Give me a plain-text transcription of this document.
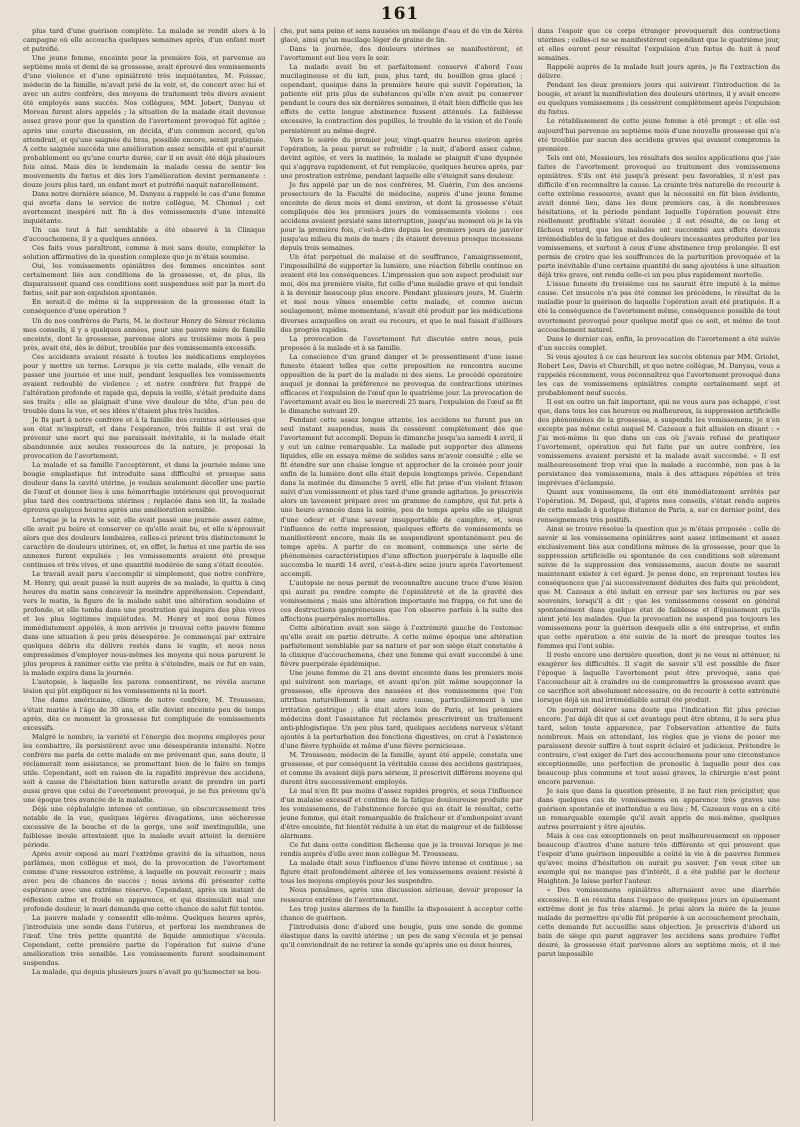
161

plus tard d'une guérison complète. La malade se rendit alors à la campagne où elle accoucha quelques semaines après, d'un enfant mort et putréfié.

Une jeune femme, enceinte pour la première fois, et parvenue au septième mois et demi de sa grossesse, avait éprouvé des vomissements d'une violence et d'une opiniâtreté très inquiétantes, M. Foissac, médecin de la famille, m'avait prié de la voir, et, de concert avec lui et avec un autre confrère, des moyens de traitement très divers avaient été employés sans succès. Nos collègues, MM. Jobert, Danyau et Moreau furent alors appelés ; la situation de la malade était devenue assez grave pour que la question de l'avortement provoqué fût agitée ; après une courte discussion, on décida, d'un commun accord, qu'on attendrait, et qu'une saignée du bras, possible encore, serait pratiquée. A cette saignée succéda une amélioration assez sensible et qui n'aurait probablement eu qu'une courte durée, car il en avait été déjà plusieurs fois ainsi. Mais dès le lendemain la malade cessa de sentir les mouvements du fœtus et dès lors l'amélioration devint permanente : douze jours plus tard, un enfant mort et putréfié naquit naturellement.

Dans notre dernière séance, M. Danyau a rappelé le cas d'une femme qui avorta dans le service de notre collègue, M. Chomel ; cet avortement inespéré mit fin à des vomissements d'une intensité inquiétante.

Un cas tout à fait semblable a été observé à la Clinique d'accouchemens, il y a quelques années.

Ces faits vous paraîtront, comme à moi sans doute, compléter la solution affirmative de la question complexe que je m'étais soumise.

Oui, les vomissements opiniâtres des femmes enceintes sont certainement liés aux conditions de la grossesse, et, de plus, ils disparaissent quand ces conditions sont suspendues soit par la mort du fœtus, soit par son expulsion spontanée.

En serait-il de même si la suppression de la grossesse était la conséquence d'une opération ?

Un de nos confrères de Paris, M. le docteur Henry de Sèmur réclama mes conseils, il y a quelques années, pour une pauvre mère de famille enceinte, dont la grossesse, parvenue alors au troisième mois à peu près, avait été, dès le début, troublée par des vomissements excessifs.

Ces accidents avaient résisté à toutes les médications employées pour y mettre un terme. Lorsque je vis cette malade, elle venait de passer une journée et une nuit, pendant lesquelles les vomissements avaient redoublé de violence ; et notre confrère fut frappé de l'altération profonde et rapide qui, depuis la veille, s'était produite dans ses traits ; elle se plaignait d'une vive douleur de tête, d'un peu de trouble dans la vue, et ses idées n'étaient plus très lucides.

Je fis part à notre confrère et à la famille des craintes sérieuses que son état m'inspirait, et dans l'espérance, très faible il est vrai de prévenir une mort qui me paraissait inévitable, si la malade était abandonnée aux seules ressources de la nature, je proposai la provocation de l'avortement.

La malade et sa famille l'acceptèrent, et dans la journée même une bougie emplastique fut introduite sans difficulté et presque sans douleur dans la cavité utérine, je voulais seulement décoller une partie de l'œuf et donner lieu à une hémorrhagie intérieure qui provoquerait plus tard des contractions utérines ; replacée dans son lit, la malade éprouva quelques heures après une amélioration sensible.

Lorsque je la revis le soir, elle avait passé une journée assez calme, elle avait pu boire et conserver ce qu'elle avait bu, et elle n'éprouvait alors que des douleurs lombaires, celles-ci prirent très distinctement le caractère de douleurs utérines, et, en effet, le fœtus et une partie de ses annexes furent expulsés ; les vomissements avaient été presque continues et très vives, et une quantité modérée de sang s'était écoulée.

Le travail avait paru s'accomplir si simplement, que notre confrère, M. Henry, qui avait passé la nuit auprès de sa malade, la quitta à cinq heures du matin sans concevoir la moindre appréhension. Cependant, vers le matin, la figure de la malade subit une altération soudaine et profonde, et elle tomba dans une prostration qui inspira des plus vives et les plus légitimes inquiétudes. M. Henry et moi nous fûmes immédiatement appelés, à mon arrivée je trouvai cette pauvre femme dans une situation à peu près désespérée. Je commençai par extraire quelques débris du délivre restés dans le vagin, et nous nous empressâmes d'employer nous-mêmes les moyens qui nous parurent le plus propres à ranimer cette vie prête à s'éteindre, mais ce fut en vain, la malade expira dans la journée.

L'autopsie, à laquelle les parens consentirent, ne révéla aucune lésion qui pût expliquer ni les vomissements ni la mort.

Une dame américaine, cliente de notre confrère, M. Trousseau, s'était mariée à l'âge de 30 ans, et elle devint enceinte peu de temps après, dès ce moment la grossesse fut compliquée de vomissements excessifs.

Malgré le nombre, la variété et l'énergie des moyens employés pour les combattre, ils persistèrent avec une désespérante intensité. Notre confrère me parla de cette malade en me prévenant que, sans doute, il réclamerait mon assistance, se promettant bien de le faire en temps utile. Cependant, soit en raison de la rapidité imprévue des accidens, soit à cause de l'hésitation bien naturelle avant de prendre un parti aussi grave que celui de l'avortement provoqué, je ne fus prévenu qu'à une époque très avancée de la maladie.

Déjà une céphalalgie intense et continue, un obscurcissement très notable de la vue, quelques légères divagations, une sécheresse excessive de la bouche et de la gorge, une soif inextinguible, une faiblesse inouïe attestaient que la malade avait atteint la dernière période.

Après avoir exposé au mari l'extrême gravité de la situation, nous parlâmes, mon collègue et moi, de la provocation de l'avortement comme d'une ressource extrême, à laquelle on pouvait recourir ; mais avec peu de chances de succès ; nous avions dû présenter cette espérance avec une extrême réserve. Cependant, après un instant de réflexion calme et froide en apparence, et qui dissimulait mal une profonde douleur, le mari demanda que cette chance de salut fût tentée.

La pauvre malade y consentit elle-même. Quelques heures après, j'introduisis une sonde dans l'utérus, et perforai les membranes de l'œuf. Une très petite quantité de liquide amniotique s'écoula. Cependant, cette première partie de l'opération fut suivie d'une amélioration très sensible. Les vomissements furent soudainement suspendus.

La malade, qui depuis plusieurs jours n'avait pu qu'humecter sa bou-

che, put sans peine et sans nausées un mélange d'eau et de vin de Xérès glacé, ainsi qu'un mucilage léger de graine de lin.

Dans la journée, des douleurs utérines se manifestèrent, et l'avortement eut lieu vers le soir.

La malade avait bu et parfaitement conservé d'abord l'eau mucilagineuse et du lait, puis, plus tard, du bouillon gras glacé ; cependant, quoique dans la première heure qui suivit l'opération, la patiente eût pris plus de substances qu'elle n'en avait pu conserver pendant le cours des six dernières semaines, il était bien difficile que les effets de cette longue abstinence fussent atténués. La faiblesse excessive, la contraction des pupilles, le trouble de la vision et de l'ouïe persistèrent au même degré.

Vers le soirée du premier jour, vingt-quatre heures environ après l'opération, la peau parut se refroidir ; la nuit, d'abord assez calme, devint agitée, et vers la matinée, la malade se plaignit d'une dyspnée qui s'aggrava rapidement, et fut remplacée, quelques heures après, par une prostration extrême, pendant laquelle elle s'éteignit sans douleur.

Je fus appelé par un de nos confrères, M. Guérin, l'un des anciens prosecteurs de la Faculté de médecine, auprès d'une jeune femme enceinte de deux mois et demi environ, et dont la grossesse s'était compliquée dès les premiers jours de vomissements violens : ces accidens avaient persisté sans interruption, jusqu'au moment où je la vis pour la première fois, c'est-à-dire depuis les premiers jours de janvier jusqu'au milieu du mois de mars ; ils étaient devenus presque incessans depuis trois semaines.

Un état perpétuel de malaise et de souffrance, l'amaigrissement, l'impossibilité de supporter la lumière, une réaction fébrile continue en avaient été les conséquences. L'impression que son aspect produisit sur moi, dès ma première visite, fut celle d'une maladie grave et qui tendait à la devenir beaucoup plus encore. Pendant plusieurs jours, M. Guérin et moi nous vîmes ensemble cette malade, et comme aucun soulagement, même momentané, n'avait été produit par les médications diverses auxquelles on avait eu recours, et que le mal faisait d'ailleurs des progrès rapides.

La provocation de l'avortement fut discutée entre nous, puis proposée à la malade et à sa famille.

La conscience d'un grand danger et le pressentiment d'une issue funeste étaient telles que cette proposition ne rencontra aucune opposition de la part de la malade ni des siens. Le procédé opératoire auquel je donnai la préférence ne provoqua de contractions utérines efficaces et l'expulsion de l'œuf que le quatrième jour. La provocation de l'avortement avait eu lieu le mercredi 25 mars, l'expulsion de l'œuf se fit le dimanche suivant 29.

Pendant cette assez longue attente, les accidens ne furent pas un seul instant suspendus, mais ils cessèrent complètement dès que l'avortement fut accompli. Depuis le dimanche jusqu'au samedi 4 avril, il y eut un calme remarquable. La malade put supporter des alimens liquides, elle en essaya même de solides sans m'avoir consulté ; elle se fit étendre sur une chaise longue et approcher de la croisée pour jouir enfin de la lumière dont elle était depuis longtemps privée. Cependant dans la matinée du dimanche 5 avril, elle fut prise d'un violent frisson suivi d'un vomissement et plus tard d'une grande agitation. Je prescrivis alors un lavement préparé avec un gramme de camphre, qui fut pris à une heure avancée dans la soirée, peu de temps après elle se plaignit d'une odeur et d'une saveur insupportable de camphre, et, sous l'influence de cette impression, quelques efforts de vomissements se manifestèrent encore, mais ils se suspendirent spontanément peu de temps après. A partir de ce moment, commença une série de phénomènes caractéristiques d'une affection puerpérale à laquelle elle succomba le mardi 14 avril, c'est-à-dire seize jours après l'avortement accompli.

L'autopsie ne nous permit de reconnaître aucune trace d'une lésion qui aurait pu rendre compte de l'opiniâtreté et de la gravité des vomissemens ; mais une altération importante me frappa, ce fut une de ces destructions gangréneuses que l'on observe parfois à la suite des affections puerpérales mortelles.

Cette altération avait son siège à l'extrémité gauche de l'estomac qu'elle avait en partie détruite. A cette même époque une altération parfaitement semblable par sa nature et par son siège était constatée à la clinique d'accouchemens, chez une femme qui avait succombé à une fièvre puerpérale épidémique.

Une jeune femme de 21 ans devint enceinte dans les premiers mois qui suivirent son mariage, et avant qu'on pût même soupçonner la grossesse, elle éprouva des nausées et des vomissemens que l'on attribua naturellement à une autre cause, particulièrement à une irritation gastrique ; elle était alors loin de Paris, et les premiers médecins dont l'assistance fut réclamée prescrivirent un traitement anti-phlogistique. Un peu plus tard, quelques accidens nerveux s'étant ajoutés à la perturbation des fonctions digestives, on crut à l'existence d'une fièvre typhoïde et même d'une fièvre pernicieuse.

M. Trousseau, médecin de la famille, ayant été appelé, constata une grossesse, et par conséquent la véritable cause des accidens gastriques, et comme ils avaient déjà paru sérieux, il prescrivit différens moyens qui durent être successivement employés.

Le mal n'en fit pas moins d'assez rapides progrès, et sous l'influence d'un malaise excessif et continu de la fatigue douloureuse produite par les vomissemens, de l'abstinence forcée qui en était le résultat, cette jeune femme, qui était remarquable de fraîcheur et d'embonpoint avant d'être enceinte, fut bientôt réduite à un état de maigreur et de faiblesse alarmans.

Ce fut dans cette condition fâcheuse que je la trouvai lorsque je me rendis auprès d'elle avec mon collègue M. Trousseau.

La malade était sous l'influence d'une fièvre intense et continue ; sa figure était profondément altérée et les vomissemens avaient résisté à tous les moyens employés pour les suspendre.

Nous pensâmes, après une discussion sérieuse, devoir proposer la ressource extrême de l'avortement.

Les trop justes alarmes de la famille la disposaient à accepter cette chance de guérison.

J'introduisis donc d'abord une bougie, puis une sonde de gomme élastique dans la cavité utérine ; un peu de sang s'écoula et je pensai qu'il conviendrait de ne retirer la sonde qu'après une ou deux heures,

dans l'espoir que ce corps étranger provoquerait des contractions utérines ; celles-ci ne se manifestèrent cependant que le quatrième jour, et elles eurent pour résultat l'expulsion d'un fœtus de huit à neuf semaines.

Rappelé auprès de la malade huit jours après, je fis l'extraction du délivre.

Pendant les deux premiers jours qui suivirent l'introduction de la bougie, et avant la manifestation des douleurs utérines, il y avait encore eu quelques vomissemens ; ils cessèrent complètement après l'expulsion du fœtus.

Le rétablissement de cette jeune femme a été prompt ; et elle est aujourd'hui parvenue au septième mois d'une nouvelle grossesse qui n'a été troublée par aucun des accidens graves qui avaient compromis la première.

Tels ont été, Messieurs, les résultats des seules applications que j'aie faites de l'avortement provoqué au traitement des vomissemens opiniâtres. S'ils ont été jusqu'à présent peu favorables, il n'est pas difficile d'en reconnaître la cause. La crainte très naturelle de recourir à cette extrême ressource, avant que la nécessité en fût bien évidente, avait donné lieu, dans les deux premiers cas, à de nombreuses hésitations, et la période pendant laquelle l'opération pouvait être réellement profitable s'était écoulée ; il est résulté, de ce long et fâcheux retard, que les malades ont succombé aux effets devenus irrémédiables de la fatigue et des douleurs incessantes produites par les vomissemens, et surtout à ceux d'une abstinence trop prolongée. Il est permis de croire que les souffrances de la parturition provoquée et la perte inévitable d'une certaine quantité de sang ajoutées à une situation déjà très grave, ont rendu celle-ci un peu plus rapidement mortelle.

L'issue funeste du troisième cas ne saurait être imputé à la même cause. Cet insuccès n'a pas été comme les précédens, le résultat de la maladie pour la guérison de laquelle l'opération avait été pratiquée. Il a été la conséquence de l'avortement même, conséquence possible de tout avortement provoqué pour quelque motif que ce soit, et même de tout accouchement naturel.

Dans le dernier cas, enfin, la provocation de l'avortement a été suivie d'un succès complet.

Si vous ajoutez à ce cas heureux les succès obtenus par MM. Griolet, Robert Lee, Davis et Churchill, et que notre collègue, M. Danyau, vous a rappelés récemment, vous reconnaîtrez que l'avortement provoqué dans les cas de vomissemens opiniâtres compte certainement sept et probablement neuf succès.

Il est en outre un fait important, qui ne vous aura pas échappé, c'est que, dans tous les cas heureux ou malheureux, la suppression artificielle des phénomènes de la grossesse, a suspendu les vomissemens, je n'en excepte pas même celui auquel M. Cazeaux a fait allusion en disant : « J'ai moi-même lu que dans un cas où j'avais refusé de pratiquer l'avortement, opération qui fut faite par un autre confrère, les vomissemens avaient persisté et la malade avait succombé. » Il est malheureusement trop vrai que la malade a succombé, non pas à la persistance des vomissemens, mais à des attaques répétées et très imprévues d'éclampsie.

Quant aux vomissemens, ils ont été immédiatement arrêtés par l'opération. M. Depaul, qui, d'après mes conseils, s'était rendu auprès de cette malade à quelque distance de Paris, a, sur ce dernier point, des renseignemens très positifs.

Ainsi se trouve résolue la question que je m'étais proposée : celle de savoir si les vomissemens opiniâtres sont assez intimement et assez exclusivement liés aux conditions mêmes de la grossesse, pour que la suppression artificielle ou spontanée de ces conditions soit sûrement suivie de la suppression des vomissemens, aucun doute ne saurait maintenant exister à cet égard. Je pense donc, en reprenant toutes les conséquences que j'ai successivement déduites des faits qui précèdent, que M. Cazeaux a été induit en erreur par ses lectures ou par ses souvenirs, lorsqu'il a dit ; que les vomissemens cessent en général spontanément dans quelque état de faiblesse et d'épuisement qu'ils aient jeté les malades. Que la provocation ne suspend pas toujours les vomissemens pour la guérison desquels elle a été entreprise, et enfin que cette opération a été suivie de la mort de presque toutes les femmes qui l'ont subie.

Il reste encore une dernière question, dont je ne veux ni atténuer, ni exagérer les difficultés. Il s'agit de savoir s'il est possible de fixer l'époque à laquelle l'avortement peut être provoqué, sans que l'accoucheur ait à craindre ou de compromettre la grossesse avant que ce sacrifice soit absolument nécessaire, ou de recourir à cette extrémité lorsque déjà un mal irrémédiable aurait été produit.

On pourrait désirer sans doute que l'indication fût plus précise encore. J'ai déjà dit que si cet avantage peut être obtenu, il le sera plus tard, selon toute apparence, par l'observation attentive de faits nombreux. Mais en attendant, les règles que je viens de poser me paraissent devoir suffire à tout esprit éclairé et judicieux. Prétendre le contraire, c'est exiger de l'art des accouchemens pour une circonstance exceptionnelle, une perfection de pronostic à laquelle pour des cas beaucoup plus communs et tout aussi graves, la chirurgie n'est point encore parvenue.

Je sais que dans la question présente, il ne faut rien précipiter, que dans quelques cas de vomissemens en apparence très graves une guérison spontanée et inattendue a eu lieu ; M. Cazeaux vous en a cité un remarquable exemple qu'il avait appris de moi-même, quelques autres pourraient y être ajoutés.

Mais à ces cas exceptionnels on peut malheureusement en opposer beaucoup d'autres d'une nature très différente et qui prouvent que l'espoir d'une guérison impossible a coûté la vie à de pauvres femmes qu'avec moins d'hésitation on aurait pu sauver. J'en veux citer un exemple qui ne manque pas d'intérêt, il a été publié par le docteur Haighton. Je laisse parler l'auteur.

« Des vomissemens opiniâtres alternaient avec une diarrhée excessive. Il en résulta dans l'espace de quelques jours un épuisement extrême dont je fus très alarmé. Je priai alors la mère de la jeune malade de permettre qu'elle fût préparée à un accouchement prochain, cette demande fut accueillie sans objection. Je prescrivis d'abord un bain de siège qui parut aggraver les accidens sans produire l'effet désiré, la grossesse était parvenue alors au septième mois, et il me parut impossible
